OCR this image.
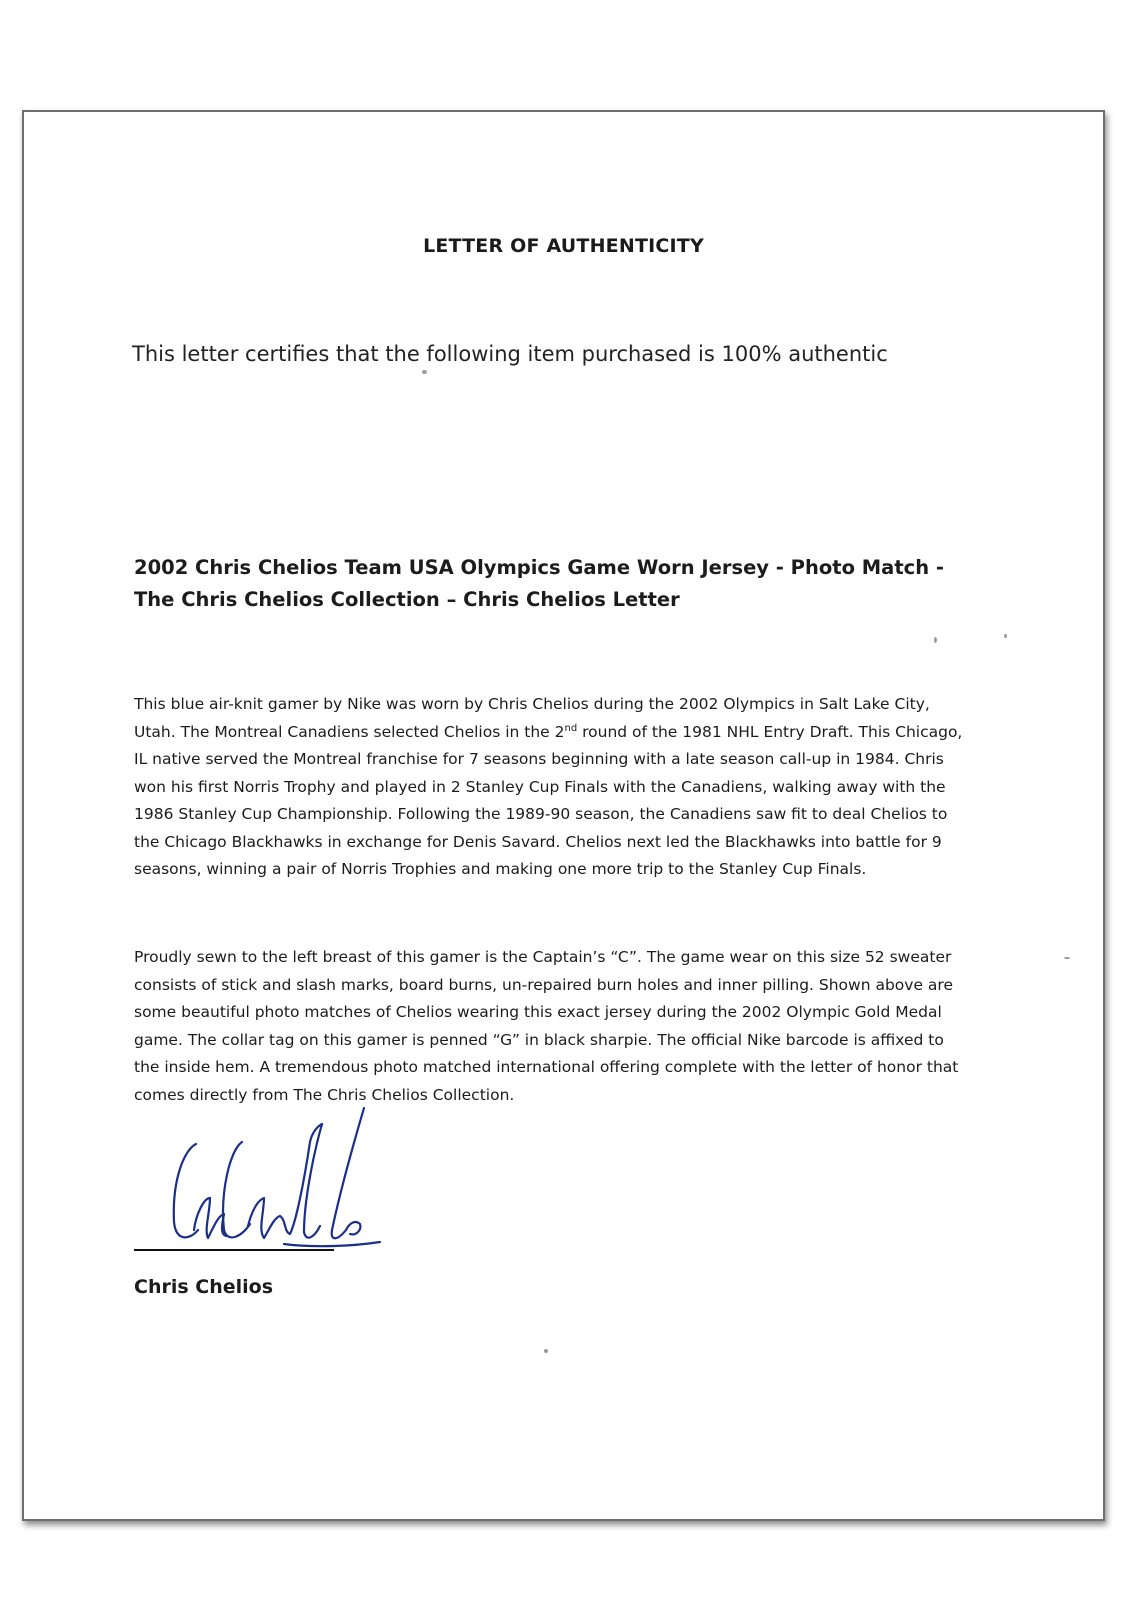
LETTER OF AUTHENTICITY
This letter certifies that the following item purchased is 100% authentic
2002 Chris Chelios Team USA Olympics Game Worn Jersey - Photo Match - The Chris Chelios Collection – Chris Chelios Letter
This blue air-knit gamer by Nike was worn by Chris Chelios during the 2002 Olympics in Salt Lake City, Utah. The Montreal Canadiens selected Chelios in the 2nd round of the 1981 NHL Entry Draft. This Chicago, IL native served the Montreal franchise for 7 seasons beginning with a late season call-up in 1984. Chris won his first Norris Trophy and played in 2 Stanley Cup Finals with the Canadiens, walking away with the 1986 Stanley Cup Championship. Following the 1989-90 season, the Canadiens saw fit to deal Chelios to the Chicago Blackhawks in exchange for Denis Savard. Chelios next led the Blackhawks into battle for 9 seasons, winning a pair of Norris Trophies and making one more trip to the Stanley Cup Finals.
Proudly sewn to the left breast of this gamer is the Captain’s “C”. The game wear on this size 52 sweater consists of stick and slash marks, board burns, un-repaired burn holes and inner pilling. Shown above are some beautiful photo matches of Chelios wearing this exact jersey during the 2002 Olympic Gold Medal game. The collar tag on this gamer is penned “G” in black sharpie. The official Nike barcode is affixed to the inside hem. A tremendous photo matched international offering complete with the letter of honor that comes directly from The Chris Chelios Collection.
Chris Chelios
